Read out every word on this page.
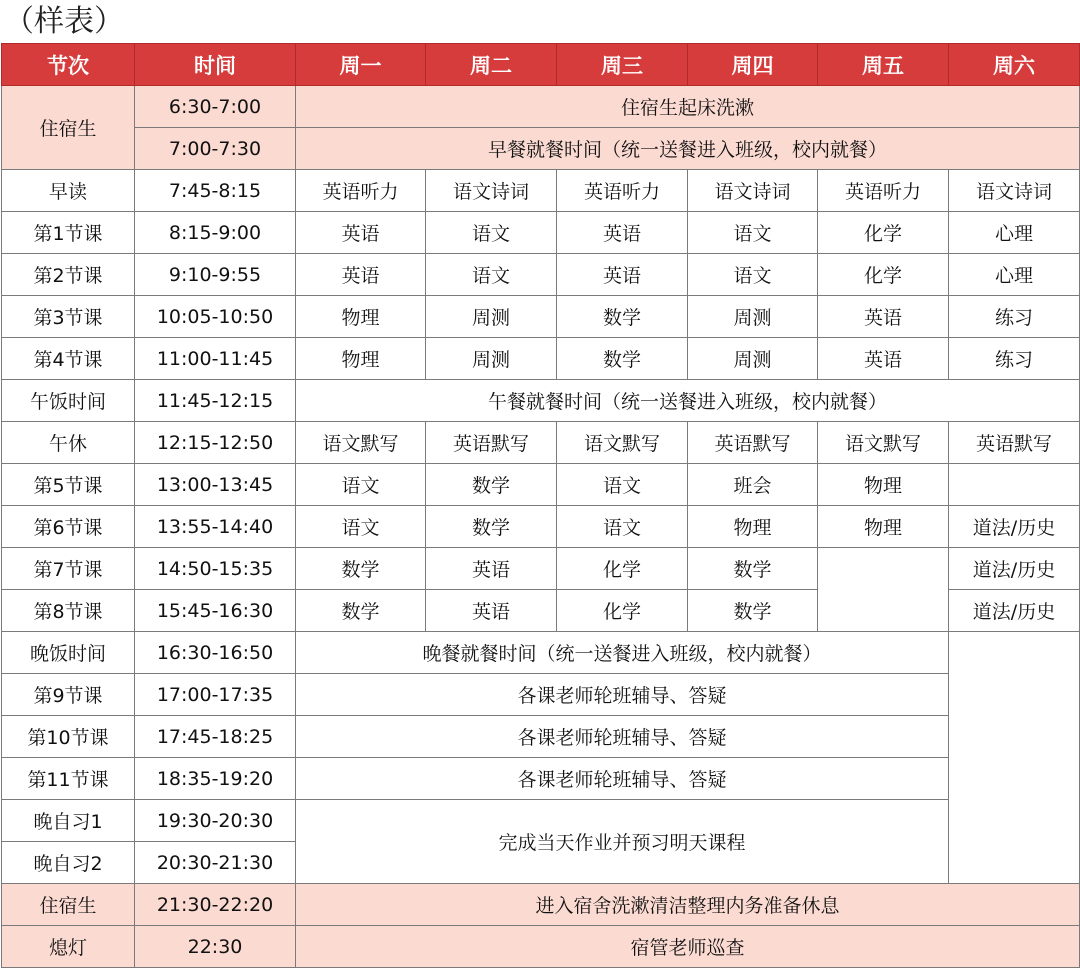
（样表）
节次	时间	周一	周二	周三	周四	周五	周六
住宿生	6:30-7:00	住宿生起床洗漱					
	7:00-7:30	早餐就餐时间（统一送餐进入班级，校内就餐）					
早读	7:45-8:15	英语听力	语文诗词	英语听力	语文诗词	英语听力	语文诗词
第1节课	8:15-9:00	英语	语文	英语	语文	化学	心理
第2节课	9:10-9:55	英语	语文	英语	语文	化学	心理
第3节课	10:05-10:50	物理	周测	数学	周测	英语	练习
第4节课	11:00-11:45	物理	周测	数学	周测	英语	练习
午饭时间	11:45-12:15	午餐就餐时间（统一送餐进入班级，校内就餐）					
午休	12:15-12:50	语文默写	英语默写	语文默写	英语默写	语文默写	英语默写
第5节课	13:00-13:45	语文	数学	语文	班会	物理	
第6节课	13:55-14:40	语文	数学	语文	物理	物理	道法/历史
第7节课	14:50-15:35	数学	英语	化学	数学		道法/历史
第8节课	15:45-16:30	数学	英语	化学	数学		道法/历史
晚饭时间	16:30-16:50	晚餐就餐时间（统一送餐进入班级，校内就餐）					
第9节课	17:00-17:35	各课老师轮班辅导、答疑					
第10节课	17:45-18:25	各课老师轮班辅导、答疑					
第11节课	18:35-19:20	各课老师轮班辅导、答疑					
晚自习1	19:30-20:30	完成当天作业并预习明天课程					
晚自习2	20:30-21:30						
住宿生	21:30-22:20	进入宿舍洗漱清洁整理内务准备休息					
熄灯	22:30	宿管老师巡查					
